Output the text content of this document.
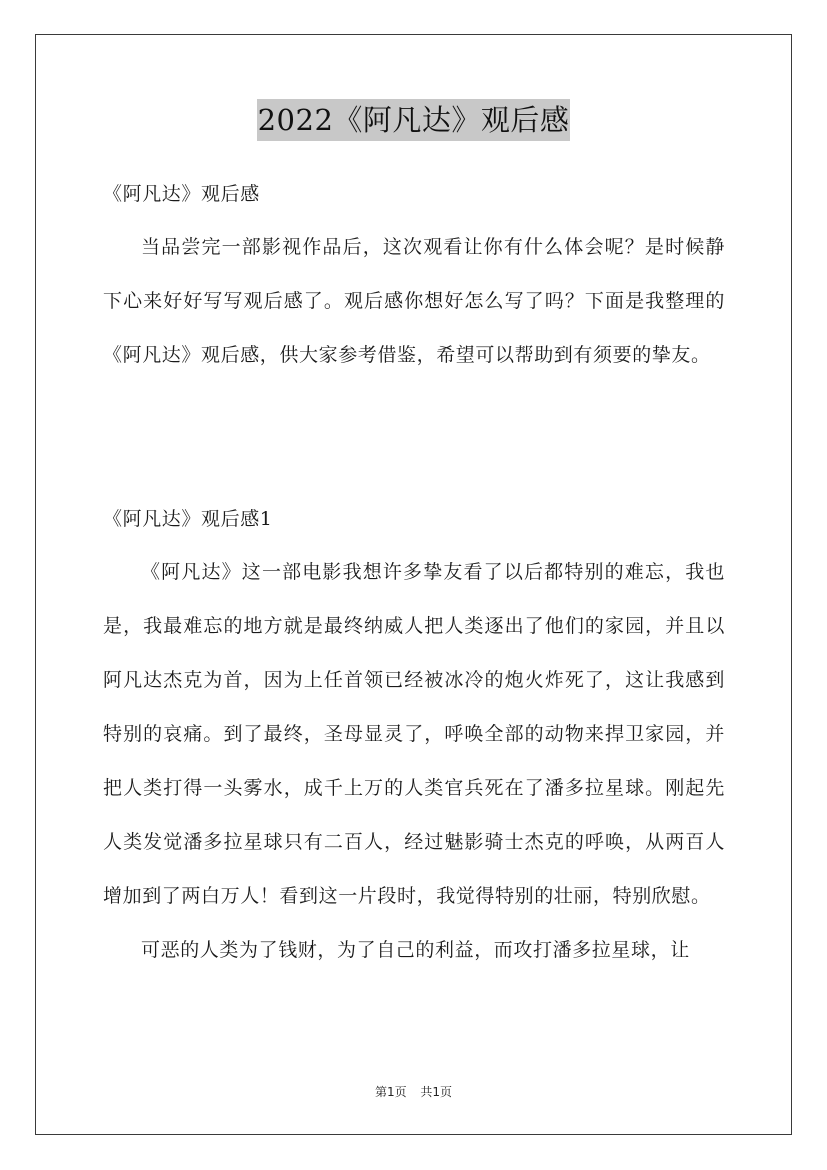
2022《阿凡达》观后感
《阿凡达》观后感

当品尝完一部影视作品后，这次观看让你有什么体会呢？是时候静下心来好好写写观后感了。观后感你想好怎么写了吗？下面是我整理的《阿凡达》观后感，供大家参考借鉴，希望可以帮助到有须要的挚友。

《阿凡达》观后感1

《阿凡达》这一部电影我想许多挚友看了以后都特别的难忘，我也是，我最难忘的地方就是最终纳威人把人类逐出了他们的家园，并且以阿凡达杰克为首，因为上任首领已经被冰冷的炮火炸死了，这让我感到特别的哀痛。到了最终，圣母显灵了，呼唤全部的动物来捍卫家园，并把人类打得一头雾水，成千上万的人类官兵死在了潘多拉星球。刚起先人类发觉潘多拉星球只有二百人，经过魅影骑士杰克的呼唤，从两百人增加到了两白万人！看到这一片段时，我觉得特别的壮丽，特别欣慰。

可恶的人类为了钱财，为了自己的利益，而攻打潘多拉星球，让

第1页 共1页
